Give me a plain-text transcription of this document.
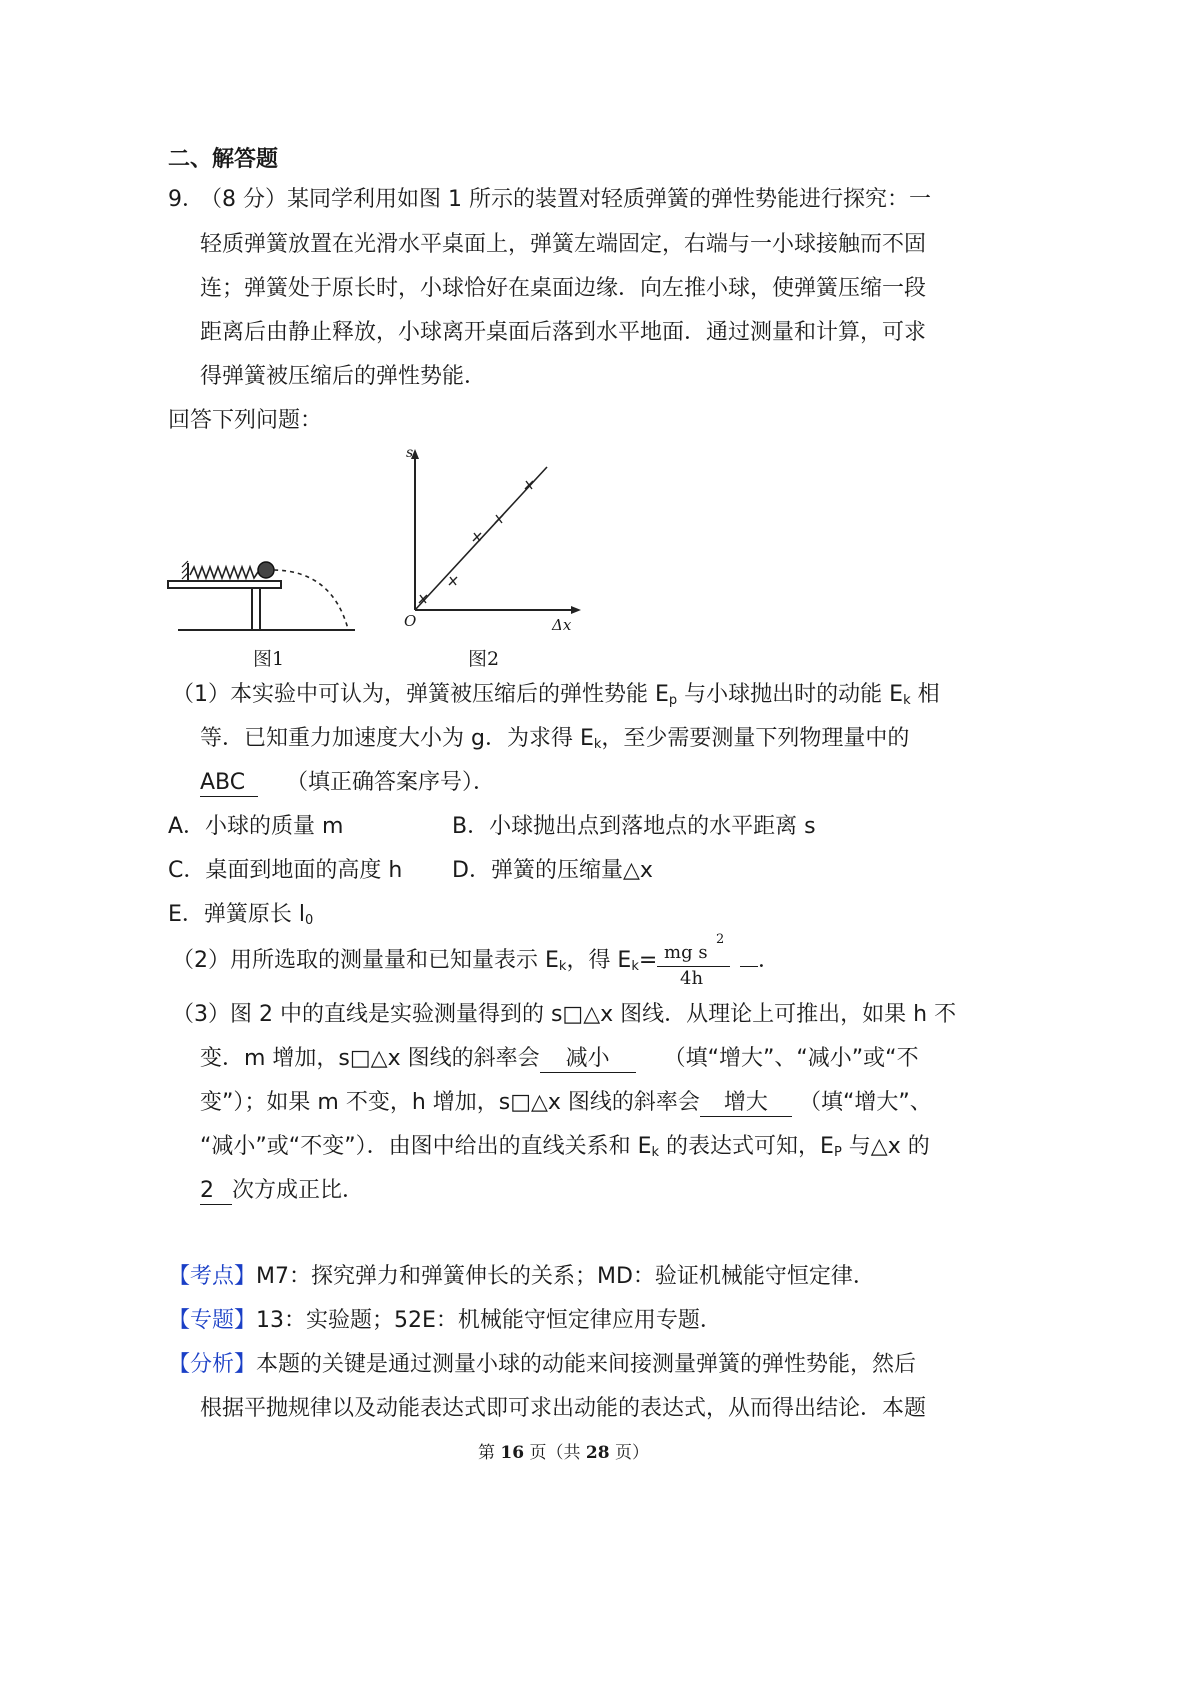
二、解答题
9．
（8 分）某同学利用如图 1 所示的装置对轻质弹簧的弹性势能进行探究：一
轻质弹簧放置在光滑水平桌面上，弹簧左端固定，右端与一小球接触而不固
连；弹簧处于原长时，小球恰好在桌面边缘．向左推小球，使弹簧压缩一段
距离后由静止释放，小球离开桌面后落到水平地面．通过测量和计算，可求
得弹簧被压缩后的弹性势能．
回答下列问题：
图1
s
O	Δx
图2
（1）本实验中可认为，弹簧被压缩后的弹性势能 $E_p$ 与小球抛出时的动能 $E_k$ 相
等．已知重力加速度大小为 g．为求得 $E_k$，至少需要测量下列物理量中的
ABC （填正确答案序号）．
A．小球的质量 m	B．小球抛出点到落地点的水平距离 s
C．桌面到地面的高度 h D．弹簧的压缩量△x
E．弹簧原长 $l_0$
（2）用所选取的测量量和已知量表示 $E_k$，得 $E_k=$ mg s
2
4h
．
（3）图 2 中的直线是实验测量得到的 s□△x 图线．从理论上可推出，如果 h 不
变．m 增加，s□△x 图线的斜率会 减小 （填“增大”、“减小”或“不
变”）；如果 m 不变，h 增加，s□△x 图线的斜率会 增大 （填“增大”、
“减小”或“不变”）．由图中给出的直线关系和 $E_k$ 的表达式可知，$E_P$ 与△x 的
2 次方成正比．
【考点】M7：探究弹力和弹簧伸长的关系；MD：验证机械能守恒定律．
【专题】13：实验题；52E：机械能守恒定律应用专题．
【分析】本题的关键是通过测量小球的动能来间接测量弹簧的弹性势能，然后
根据平抛规律以及动能表达式即可求出动能的表达式，从而得出结论．本题
第 16 页（共 28 页）
